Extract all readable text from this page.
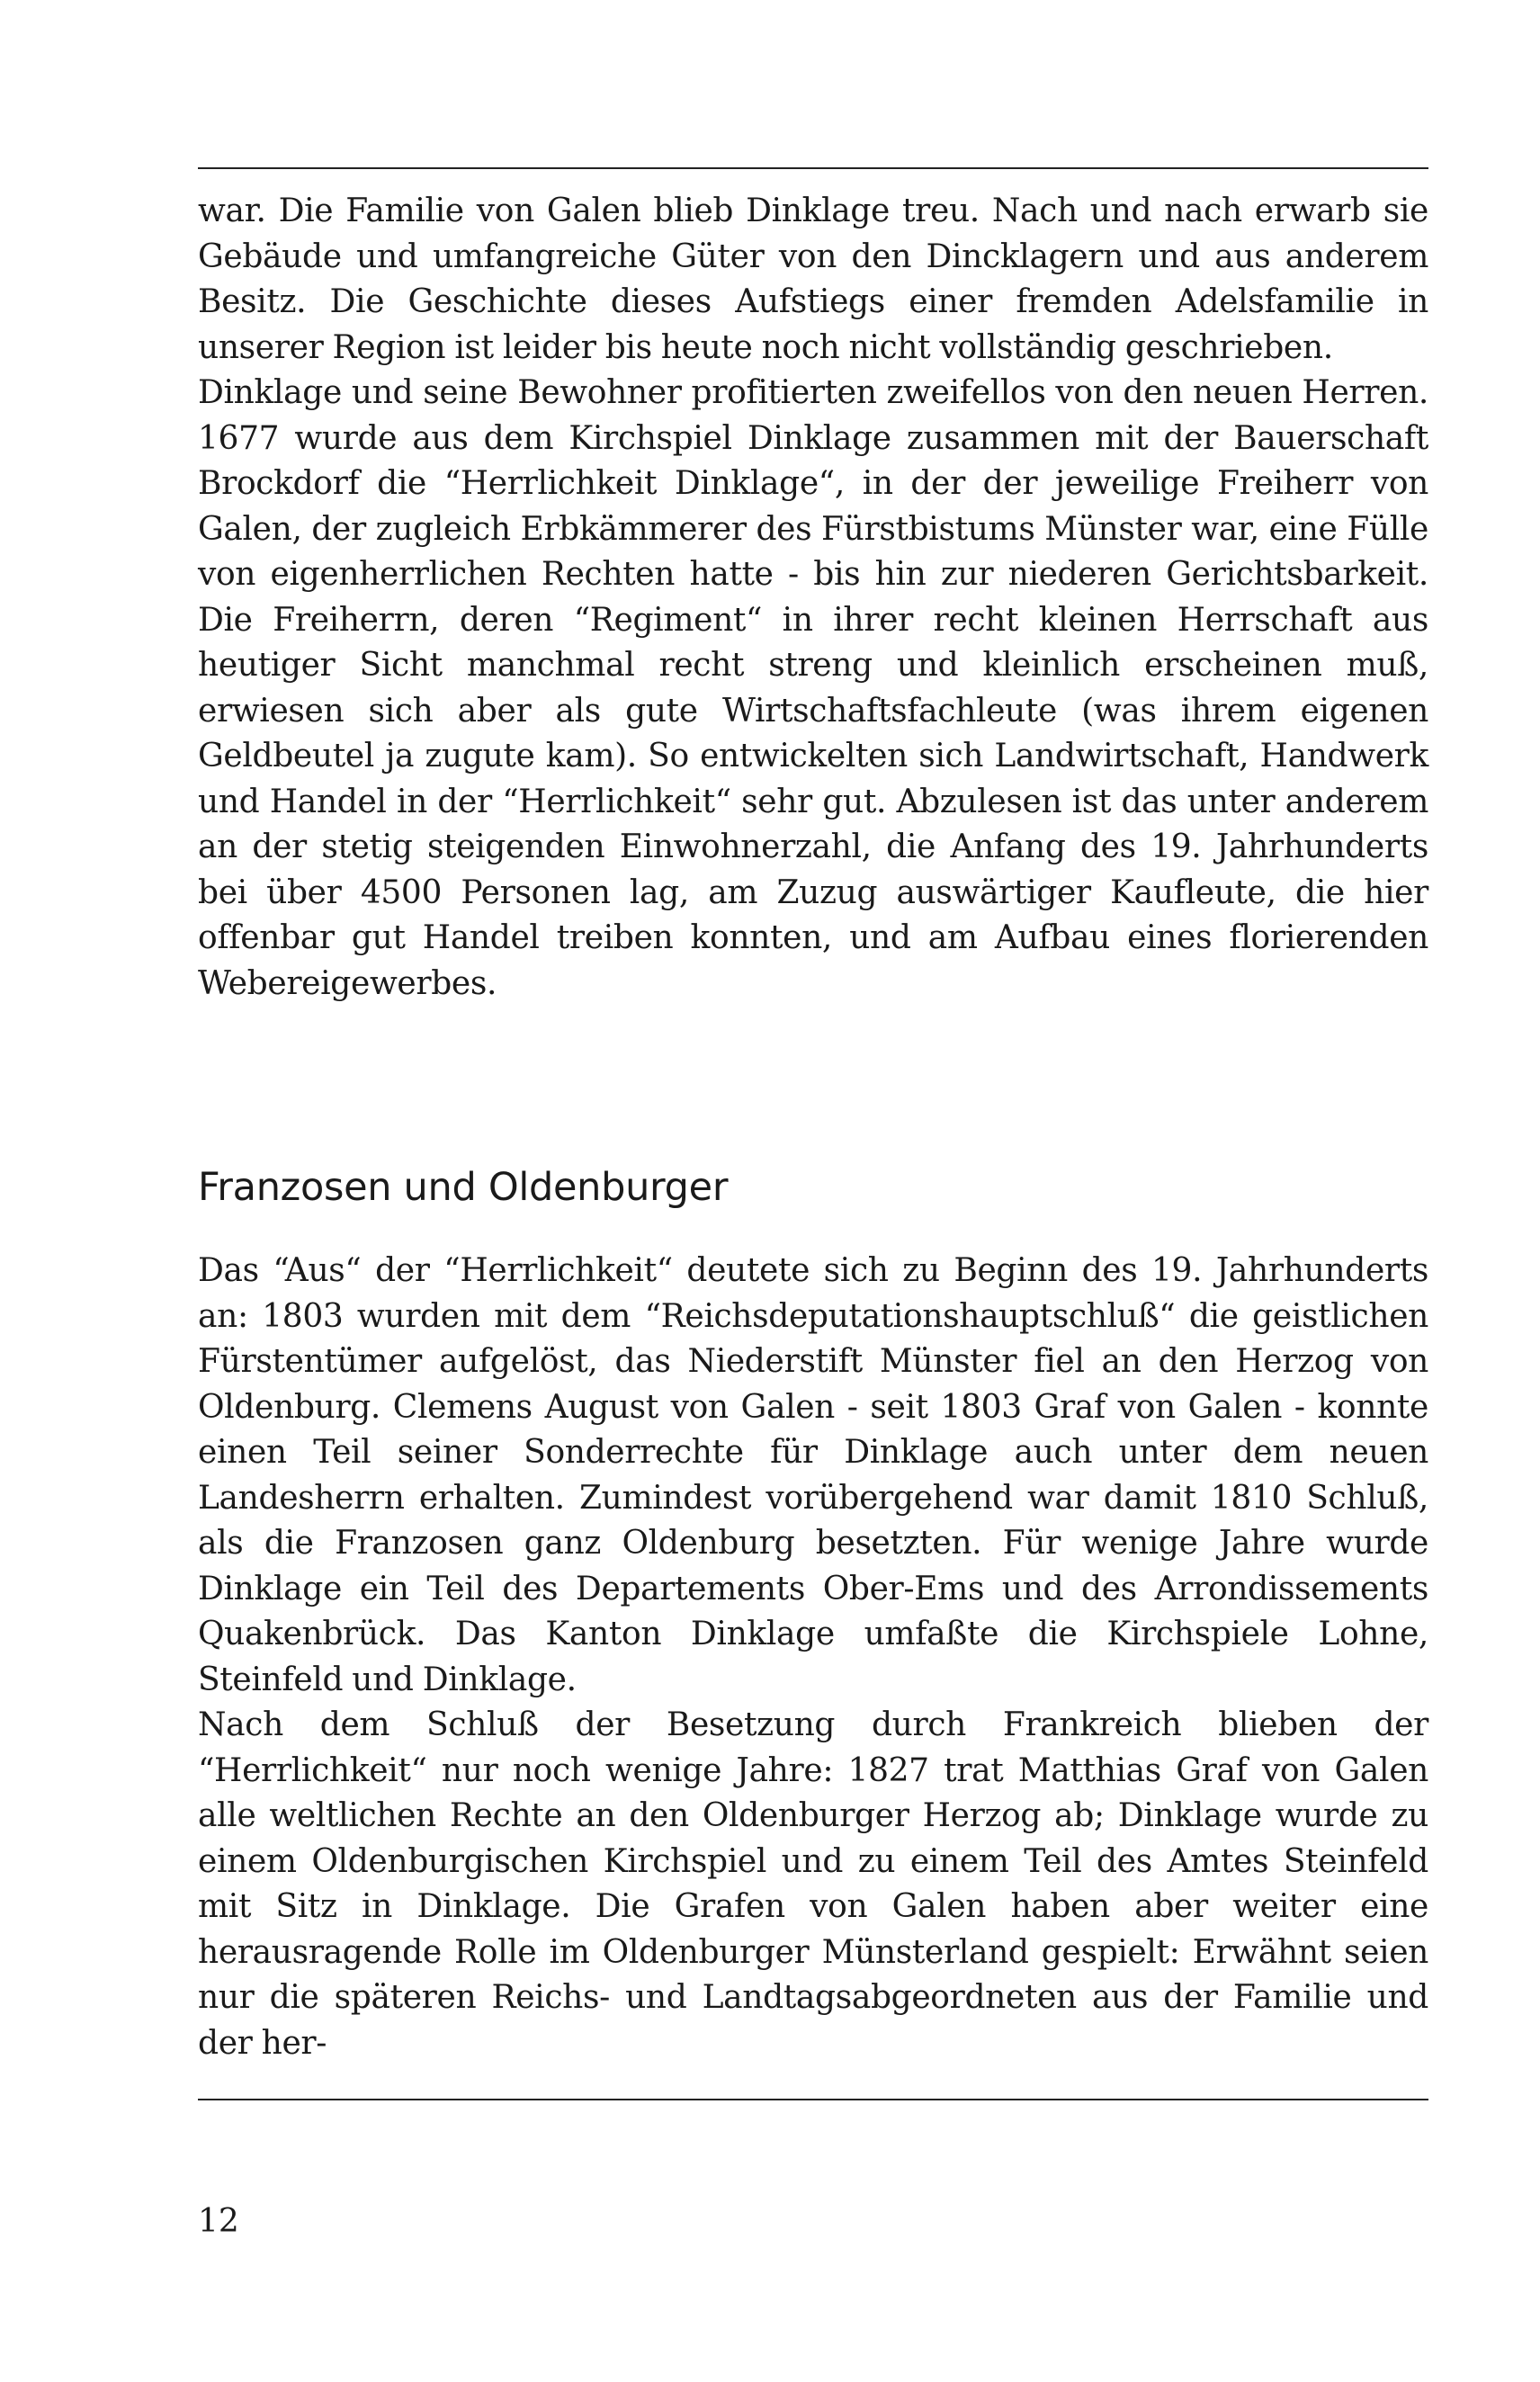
war. Die Familie von Galen blieb Dinklage treu. Nach und nach erwarb sie Gebäude und umfangreiche Güter von den Dincklagern und aus anderem Besitz. Die Geschichte dieses Aufstiegs einer fremden Adelsfamilie in unserer Region ist leider bis heute noch nicht vollständig geschrieben.

Dinklage und seine Bewohner profitierten zweifellos von den neuen Herren. 1677 wurde aus dem Kirchspiel Dinklage zusammen mit der Bauerschaft Brockdorf die “Herrlichkeit Dinklage“, in der der jeweilige Freiherr von Galen, der zugleich Erbkämmerer des Fürstbistums Münster war, eine Fülle von eigenherrlichen Rechten hatte - bis hin zur niederen Gerichtsbarkeit. Die Freiherrn, deren “Regiment“ in ihrer recht kleinen Herrschaft aus heutiger Sicht manchmal recht streng und kleinlich erscheinen muß, erwiesen sich aber als gute Wirtschaftsfachleute (was ihrem eigenen Geldbeutel ja zugute kam). So entwickelten sich Landwirtschaft, Handwerk und Handel in der “Herrlichkeit“ sehr gut. Abzulesen ist das unter anderem an der stetig steigenden Einwohnerzahl, die Anfang des 19. Jahrhunderts bei über 4500 Personen lag, am Zuzug auswärtiger Kaufleute, die hier offenbar gut Handel treiben konnten, und am Aufbau eines florierenden Webereigewerbes.

Franzosen und Oldenburger

Das “Aus“ der “Herrlichkeit“ deutete sich zu Beginn des 19. Jahrhunderts an: 1803 wurden mit dem “Reichsdeputationshauptschluß“ die geistlichen Fürstentümer aufgelöst, das Niederstift Münster fiel an den Herzog von Oldenburg. Clemens August von Galen - seit 1803 Graf von Galen - konnte einen Teil seiner Sonderrechte für Dinklage auch unter dem neuen Landesherrn erhalten. Zumindest vorübergehend war damit 1810 Schluß, als die Franzosen ganz Oldenburg besetzten. Für wenige Jahre wurde Dinklage ein Teil des Departements Ober-Ems und des Arrondissements Quakenbrück. Das Kanton Dinklage umfaßte die Kirchspiele Lohne, Steinfeld und Dinklage.

Nach dem Schluß der Besetzung durch Frankreich blieben der “Herrlichkeit“ nur noch wenige Jahre: 1827 trat Matthias Graf von Galen alle weltlichen Rechte an den Oldenburger Herzog ab; Dinklage wurde zu einem Oldenburgischen Kirchspiel und zu einem Teil des Amtes Steinfeld mit Sitz in Dinklage. Die Grafen von Galen haben aber weiter eine herausragende Rolle im Oldenburger Münsterland gespielt: Erwähnt seien nur die späteren Reichs- und Landtagsabgeordneten aus der Familie und der her-

12
